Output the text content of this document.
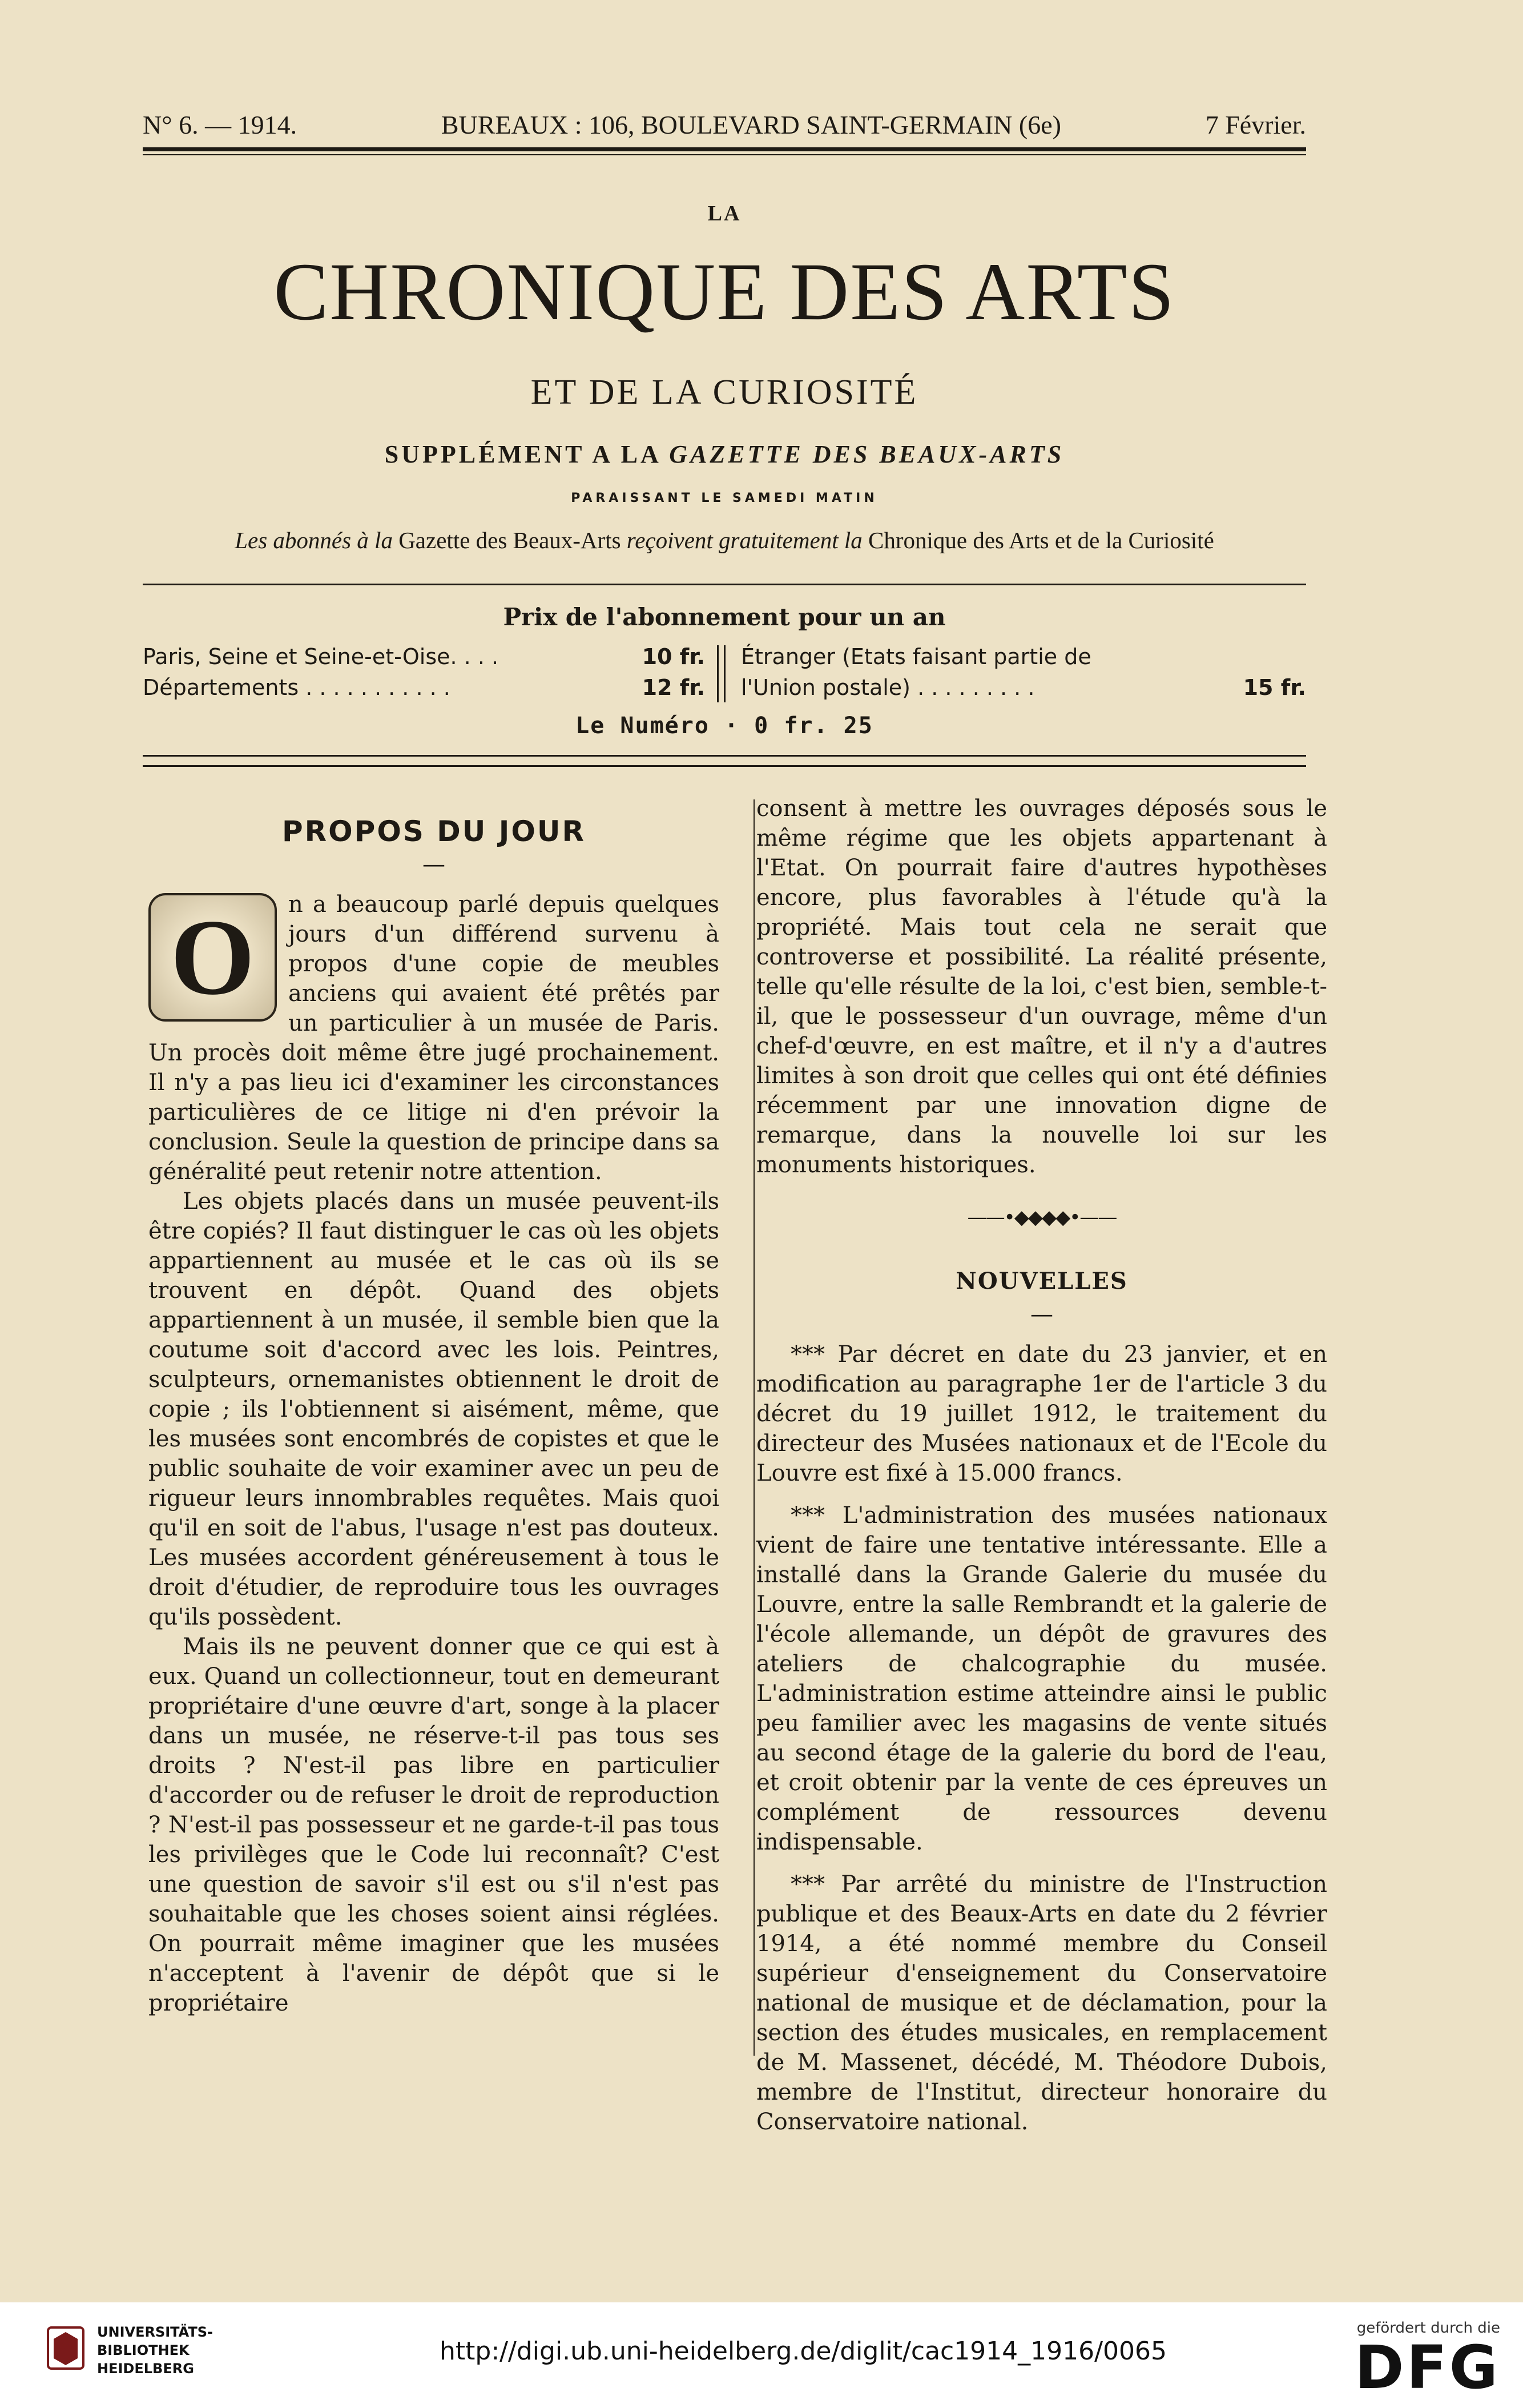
N° 6. — 1914.	BUREAUX : 106, BOULEVARD SAINT-GERMAIN (6e)	7 Février.
LA
CHRONIQUE DES ARTS
ET DE LA CURIOSITÉ
SUPPLÉMENT A LA GAZETTE DES BEAUX-ARTS
PARAISSANT LE SAMEDI MATIN
Les abonnés à la Gazette des Beaux-Arts reçoivent gratuitement la Chronique des Arts et de la Curiosité
Prix de l'abonnement pour un an
Paris, Seine et Seine-et-Oise. . . .	10 fr.
Départements . . . . . . . . . . .	12 fr.
Étranger (Etats faisant partie de
l'Union postale) . . . . . . . . .	15 fr.
Le Numéro · 0 fr. 25
PROPOS DU JOUR
—
O	n a beaucoup parlé depuis quelques jours d'un différend survenu à propos d'une copie de meubles anciens qui avaient été prêtés par un particulier à un musée de Paris. Un procès doit même être jugé prochainement. Il n'y a pas lieu ici d'examiner les circonstances particulières de ce litige ni d'en prévoir la conclusion. Seule la question de principe dans sa généralité peut retenir notre attention.

Les objets placés dans un musée peuvent-ils être copiés? Il faut distinguer le cas où les objets appartiennent au musée et le cas où ils se trouvent en dépôt. Quand des objets appartiennent à un musée, il semble bien que la coutume soit d'accord avec les lois. Peintres, sculpteurs, ornemanistes obtiennent le droit de copie ; ils l'obtiennent si aisément, même, que les musées sont encombrés de copistes et que le public souhaite de voir examiner avec un peu de rigueur leurs innombrables requêtes. Mais quoi qu'il en soit de l'abus, l'usage n'est pas douteux. Les musées accordent généreusement à tous le droit d'étudier, de reproduire tous les ouvrages qu'ils possèdent.

Mais ils ne peuvent donner que ce qui est à eux. Quand un collectionneur, tout en demeurant propriétaire d'une œuvre d'art, songe à la placer dans un musée, ne réserve-t-il pas tous ses droits ? N'est-il pas libre en particulier d'accorder ou de refuser le droit de reproduction ? N'est-il pas possesseur et ne garde-t-il pas tous les privilèges que le Code lui reconnaît? C'est une question de savoir s'il est ou s'il n'est pas souhaitable que les choses soient ainsi réglées. On pourrait même imaginer que les musées n'acceptent à l'avenir de dépôt que si le propriétaire

consent à mettre les ouvrages déposés sous le même régime que les objets appartenant à l'Etat. On pourrait faire d'autres hypothèses encore, plus favorables à l'étude qu'à la propriété. Mais tout cela ne serait que controverse et possibilité. La réalité présente, telle qu'elle résulte de la loi, c'est bien, semble-t-il, que le possesseur d'un ouvrage, même d'un chef-d'œuvre, en est maître, et il n'y a d'autres limites à son droit que celles qui ont été définies récemment par une innovation digne de remarque, dans la nouvelle loi sur les monuments historiques.

——•◆◆◆◆•——
NOUVELLES
—

*** Par décret en date du 23 janvier, et en modification au paragraphe 1er de l'article 3 du décret du 19 juillet 1912, le traitement du directeur des Musées nationaux et de l'Ecole du Louvre est fixé à 15.000 francs.

*** L'administration des musées nationaux vient de faire une tentative intéressante. Elle a installé dans la Grande Galerie du musée du Louvre, entre la salle Rembrandt et la galerie de l'école allemande, un dépôt de gravures des ateliers de chalcographie du musée. L'administration estime atteindre ainsi le public peu familier avec les magasins de vente situés au second étage de la galerie du bord de l'eau, et croit obtenir par la vente de ces épreuves un complément de ressources devenu indispensable.

*** Par arrêté du ministre de l'Instruction publique et des Beaux-Arts en date du 2 février 1914, a été nommé membre du Conseil supérieur d'enseignement du Conservatoire national de musique et de déclamation, pour la section des études musicales, en remplacement de M. Massenet, décédé, M. Théodore Dubois, membre de l'Institut, directeur honoraire du Conservatoire national.

UNIVERSITÄTS-
BIBLIOTHEK
HEIDELBERG
http://digi.ub.uni-heidelberg.de/diglit/cac1914_1916/0065
gefördert durch die
DFG
